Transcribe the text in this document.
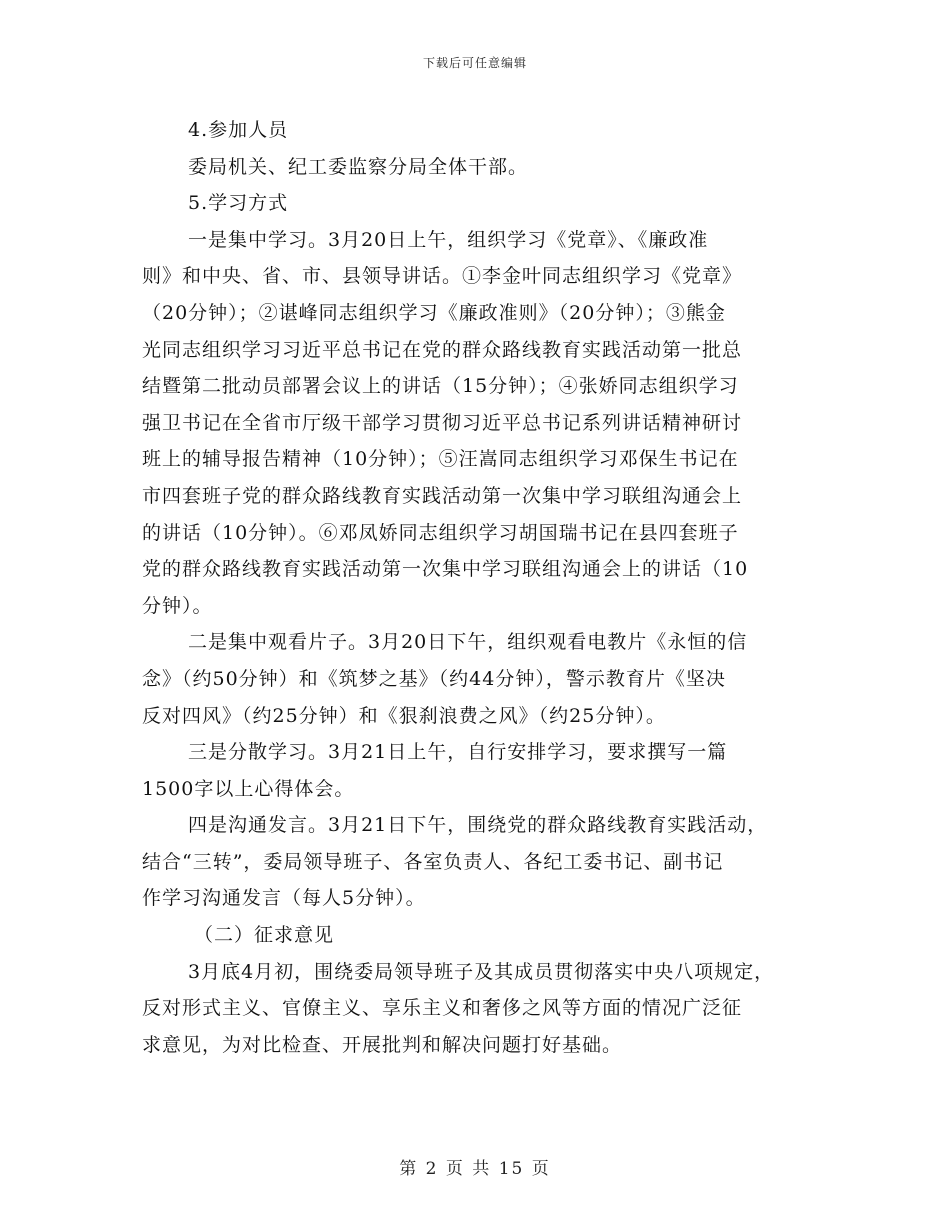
下载后可任意编辑
4.参加人员
委局机关、纪工委监察分局全体干部。
5.学习方式
一是集中学习。3月20日上午，组织学习《党章》、《廉政准
则》和中央、省、市、县领导讲话。①李金叶同志组织学习《党章》
（20分钟）；②谌峰同志组织学习《廉政准则》（20分钟）；③熊金
光同志组织学习习近平总书记在党的群众路线教育实践活动第一批总
结暨第二批动员部署会议上的讲话（15分钟）；④张娇同志组织学习
强卫书记在全省市厅级干部学习贯彻习近平总书记系列讲话精神研讨
班上的辅导报告精神（10分钟）；⑤汪嵩同志组织学习邓保生书记在
市四套班子党的群众路线教育实践活动第一次集中学习联组沟通会上
的讲话（10分钟）。⑥邓凤娇同志组织学习胡国瑞书记在县四套班子
党的群众路线教育实践活动第一次集中学习联组沟通会上的讲话（10
分钟）。
二是集中观看片子。3月20日下午，组织观看电教片《永恒的信
念》（约50分钟）和《筑梦之基》（约44分钟），警示教育片《坚决
反对四风》（约25分钟）和《狠刹浪费之风》（约25分钟）。
三是分散学习。3月21日上午，自行安排学习，要求撰写一篇
1500字以上心得体会。
四是沟通发言。3月21日下午，围绕党的群众路线教育实践活动，
结合“三转”，委局领导班子、各室负责人、各纪工委书记、副书记
作学习沟通发言（每人5分钟）。
（二）征求意见
3月底4月初，围绕委局领导班子及其成员贯彻落实中央八项规定，
反对形式主义、官僚主义、享乐主义和奢侈之风等方面的情况广泛征
求意见，为对比检查、开展批判和解决问题打好基础。
第 2 页 共 15 页
